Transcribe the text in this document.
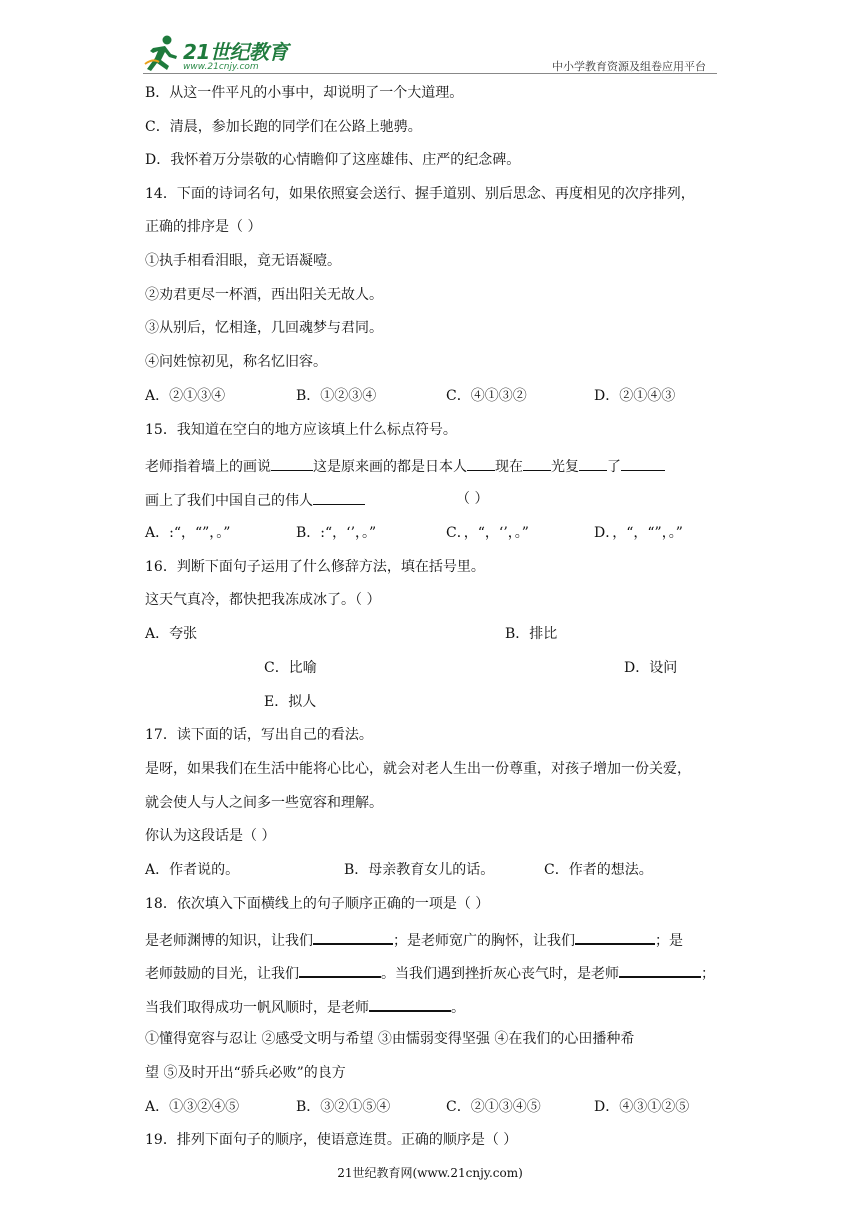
21世纪教育
www.21cnjy.com	中小学教育资源及组卷应用平台
B．从这一件平凡的小事中，却说明了一个大道理。
C．清晨，参加长跑的同学们在公路上驰骋。
D．我怀着万分崇敬的心情瞻仰了这座雄伟、庄严的纪念碑。
14．下面的诗词名句，如果依照宴会送行、握手道别、别后思念、再度相见的次序排列，
正确的排序是（ ）
①执手相看泪眼，竟无语凝噎。
②劝君更尽一杯酒，西出阳关无故人。
③从别后，忆相逢，几回魂梦与君同。
④问姓惊初见，称名忆旧容。
A．②①③④	B．①②③④	C．④①③②	D．②①④③
15．我知道在空白的地方应该填上什么标点符号。
老师指着墙上的画说	这是原来画的都是日本人 现在 光复 了
画上了我们中国自己的伟人	（ ）
A．:“，“”，。”	B．:“，‘’，。”	C．，“，‘’，。”	D．，“，“”，。”
16．判断下面句子运用了什么修辞方法，填在括号里。
这天气真冷，都快把我冻成冰了。（ ）
A．夸张	B．排比
C．比喻	D．设问
E．拟人
17．读下面的话，写出自己的看法。
是呀，如果我们在生活中能将心比心，就会对老人生出一份尊重，对孩子增加一份关爱，
就会使人与人之间多一些宽容和理解。
你认为这段话是（ ）
A．作者说的。	B．母亲教育女儿的话。	C．作者的想法。
18．依次填入下面横线上的句子顺序正确的一项是（ ）
是老师渊博的知识，让我们	；是老师宽广的胸怀，让我们	；是
老师鼓励的目光，让我们	。当我们遇到挫折灰心丧气时，是老师	；
当我们取得成功一帆风顺时，是老师	。
①懂得宽容与忍让 ②感受文明与希望 ③由懦弱变得坚强 ④在我们的心田播种希
望 ⑤及时开出“骄兵必败”的良方
A．①③②④⑤	B．③②①⑤④	C．②①③④⑤	D．④③①②⑤
19．排列下面句子的顺序，使语意连贯。正确的顺序是（ ）
21世纪教育网(www.21cnjy.com)
